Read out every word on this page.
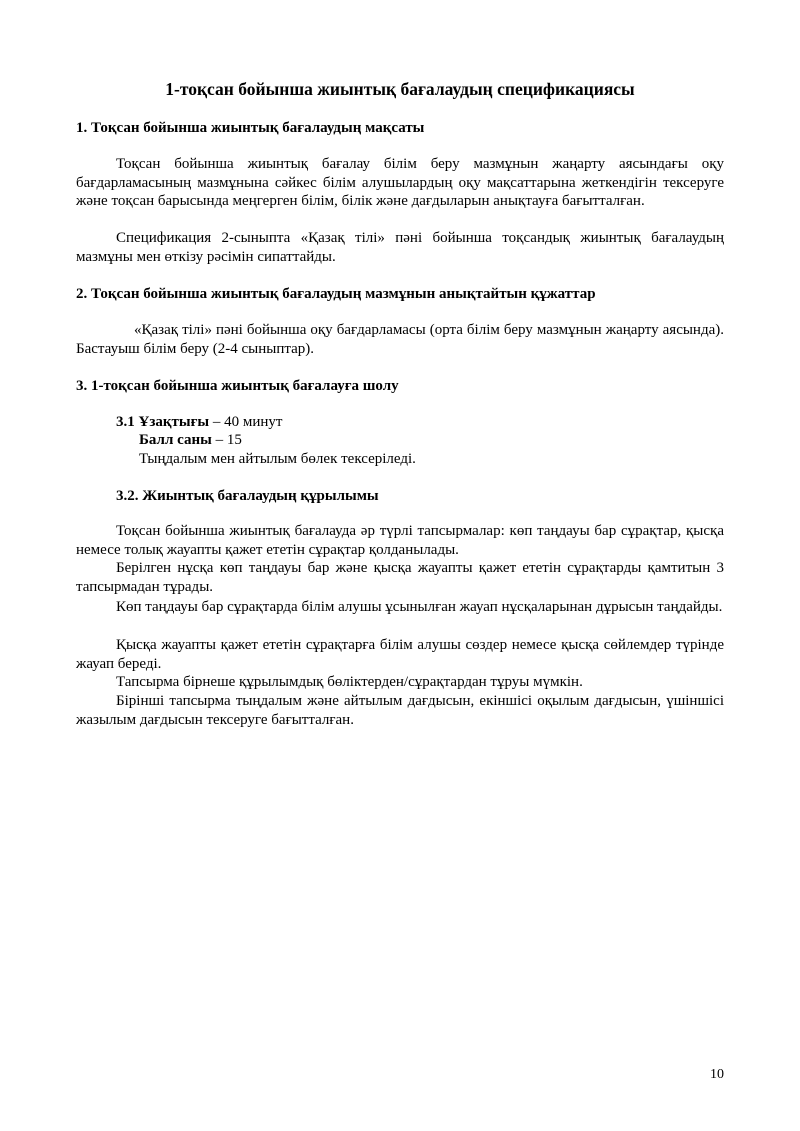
1-тоқсан бойынша жиынтық бағалаудың спецификациясы
1. Тоқсан бойынша жиынтық бағалаудың мақсаты

Тоқсан бойынша жиынтық бағалау білім беру мазмұнын жаңарту аясындағы оқу бағдарламасының мазмұнына сәйкес білім алушылардың оқу мақсаттарына жеткендігін тексеруге және тоқсан барысында меңгерген білім, білік және дағдыларын анықтауға бағытталған.

Спецификация 2-сыныпта «Қазақ тілі» пәні бойынша тоқсандық жиынтық бағалаудың мазмұны мен өткізу рәсімін сипаттайды.

2. Тоқсан бойынша жиынтық бағалаудың мазмұнын анықтайтын құжаттар

«Қазақ тілі» пәні бойынша оқу бағдарламасы (орта білім беру мазмұнын жаңарту аясында). Бастауыш білім беру (2-4 сыныптар).

3. 1-тоқсан бойынша жиынтық бағалауға шолу
3.1 Ұзақтығы – 40 минут
Балл саны – 15
Тыңдалым мен айтылым бөлек тексеріледі.
3.2. Жиынтық бағалаудың құрылымы

Тоқсан бойынша жиынтық бағалауда әр түрлі тапсырмалар: көп таңдауы бар сұрақтар, қысқа немесе толық жауапты қажет ететін сұрақтар қолданылады.

Берілген нұсқа көп таңдауы бар және қысқа жауапты қажет ететін сұрақтарды қамтитын 3 тапсырмадан тұрады.

Көп таңдауы бар сұрақтарда білім алушы ұсынылған жауап нұсқаларынан дұрысын таңдайды.

Қысқа жауапты қажет ететін сұрақтарға білім алушы сөздер немесе қысқа сөйлемдер түрінде жауап береді.

Тапсырма бірнеше құрылымдық бөліктерден/сұрақтардан тұруы мүмкін.

Бірінші тапсырма тыңдалым және айтылым дағдысын, екіншісі оқылым дағдысын, үшіншісі жазылым дағдысын тексеруге бағытталған.

10
